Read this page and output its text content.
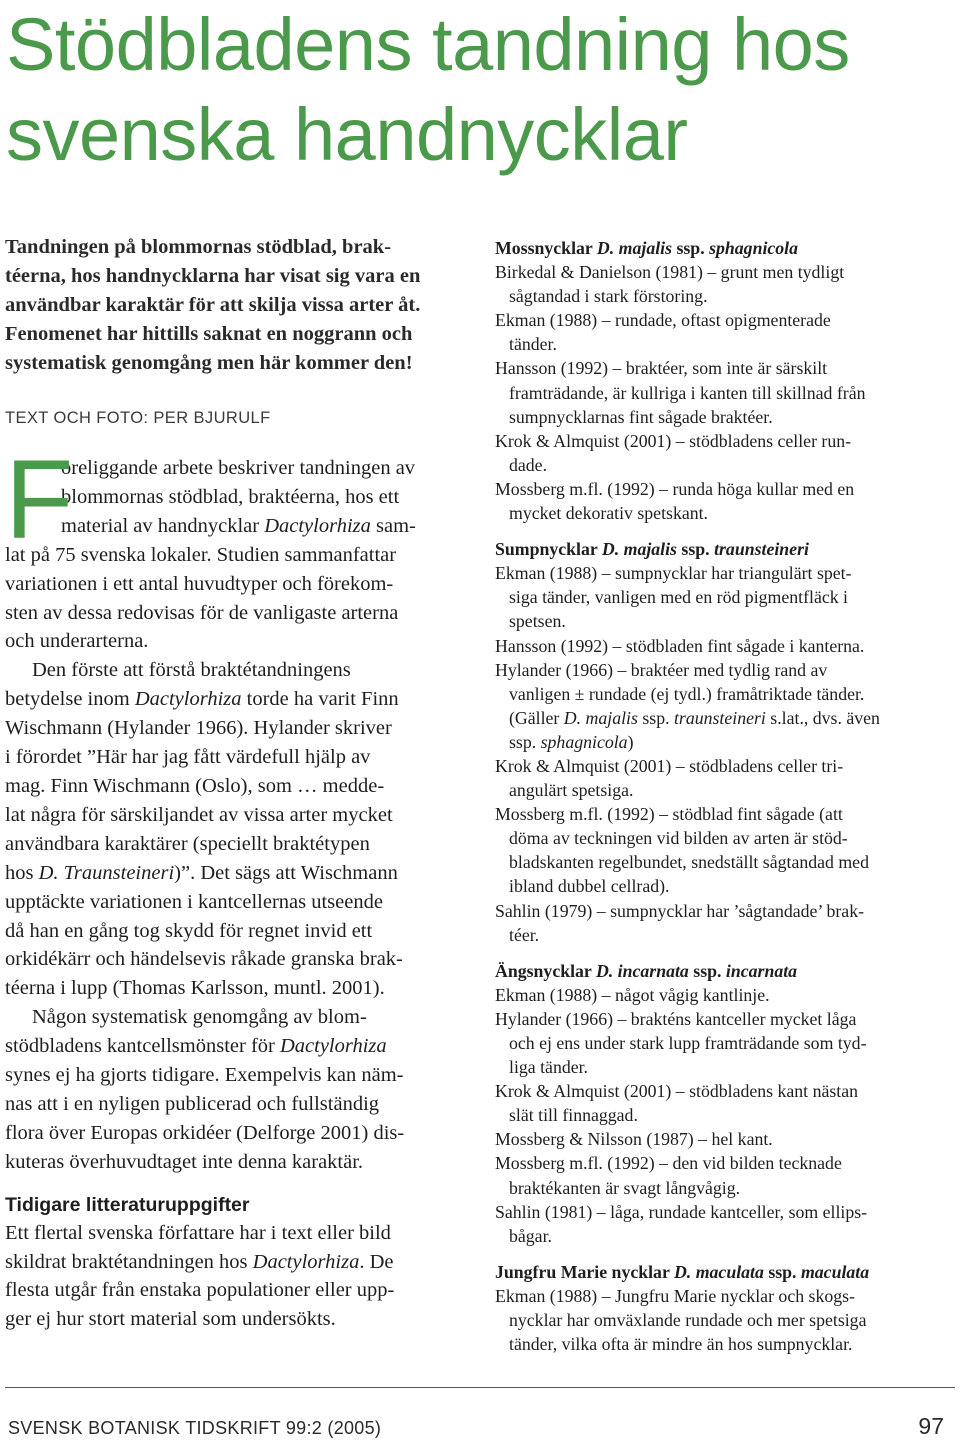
Stödbladens tandning hos
svenska handnycklar
Tandningen på blommornas stödblad, brak-
téerna, hos handnycklarna har visat sig vara en
användbar karaktär för att skilja vissa arter åt.
Fenomenet har hittills saknat en noggrann och
systematisk genomgång men här kommer den!
TEXT OCH FOTO: PER BJURULF
F
öreliggande arbete beskriver tandningen av
blommornas stödblad, braktéerna, hos ett
material av handnycklar Dactylorhiza sam-
lat på 75 svenska lokaler. Studien sammanfattar
variationen i ett antal huvudtyper och förekom-
sten av dessa redovisas för de vanligaste arterna
och underarterna.
Den förste att förstå braktétandningens
betydelse inom Dactylorhiza torde ha varit Finn
Wischmann (Hylander 1966). Hylander skriver
i förordet ”Här har jag fått värdefull hjälp av
mag. Finn Wischmann (Oslo), som … medde-
lat några för särskiljandet av vissa arter mycket
användbara karaktärer (speciellt braktétypen
hos D. Traunsteineri)”. Det sägs att Wischmann
upptäckte variationen i kantcellernas utseende
då han en gång tog skydd för regnet invid ett
orkidékärr och händelsevis råkade granska brak-
téerna i lupp (Thomas Karlsson, muntl. 2001).
Någon systematisk genomgång av blom-
stödbladens kantcellsmönster för Dactylorhiza
synes ej ha gjorts tidigare. Exempelvis kan näm-
nas att i en nyligen publicerad och fullständig
flora över Europas orkidéer (Delforge 2001) dis-
kuteras överhuvudtaget inte denna karaktär.
Tidigare litteraturuppgifter
Ett flertal svenska författare har i text eller bild
skildrat braktétandningen hos Dactylorhiza. De
flesta utgår från enstaka populationer eller upp-
ger ej hur stort material som undersökts.
Mossnycklar D. majalis ssp. sphagnicola
Birkedal & Danielson (1981) – grunt men tydligt
sågtandad i stark förstoring.
Ekman (1988) – rundade, oftast opigmenterade
tänder.
Hansson (1992) – braktéer, som inte är särskilt
framträdande, är kullriga i kanten till skillnad från
sumpnycklarnas fint sågade braktéer.
Krok & Almquist (2001) – stödbladens celler run-
dade.
Mossberg m.fl. (1992) – runda höga kullar med en
mycket dekorativ spetskant.
Sumpnycklar D. majalis ssp. traunsteineri
Ekman (1988) – sumpnycklar har triangulärt spet-
siga tänder, vanligen med en röd pigmentfläck i
spetsen.
Hansson (1992) – stödbladen fint sågade i kanterna.
Hylander (1966) – braktéer med tydlig rand av
vanligen ± rundade (ej tydl.) framåtriktade tänder.
(Gäller D. majalis ssp. traunsteineri s.lat., dvs. även
ssp. sphagnicola)
Krok & Almquist (2001) – stödbladens celler tri-
angulärt spetsiga.
Mossberg m.fl. (1992) – stödblad fint sågade (att
döma av teckningen vid bilden av arten är stöd-
bladskanten regelbundet, snedställt sågtandad med
ibland dubbel cellrad).
Sahlin (1979) – sumpnycklar har ’sågtandade’ brak-
téer.
Ängsnycklar D. incarnata ssp. incarnata
Ekman (1988) – något vågig kantlinje.
Hylander (1966) – brakténs kantceller mycket låga
och ej ens under stark lupp framträdande som tyd-
liga tänder.
Krok & Almquist (2001) – stödbladens kant nästan
slät till finnaggad.
Mossberg & Nilsson (1987) – hel kant.
Mossberg m.fl. (1992) – den vid bilden tecknade
braktékanten är svagt långvågig.
Sahlin (1981) – låga, rundade kantceller, som ellips-
bågar.
Jungfru Marie nycklar D. maculata ssp. maculata
Ekman (1988) – Jungfru Marie nycklar och skogs-
nycklar har omväxlande rundade och mer spetsiga
tänder, vilka ofta är mindre än hos sumpnycklar.
SVENSK BOTANISK TIDSKRIFT 99:2 (2005)	97
